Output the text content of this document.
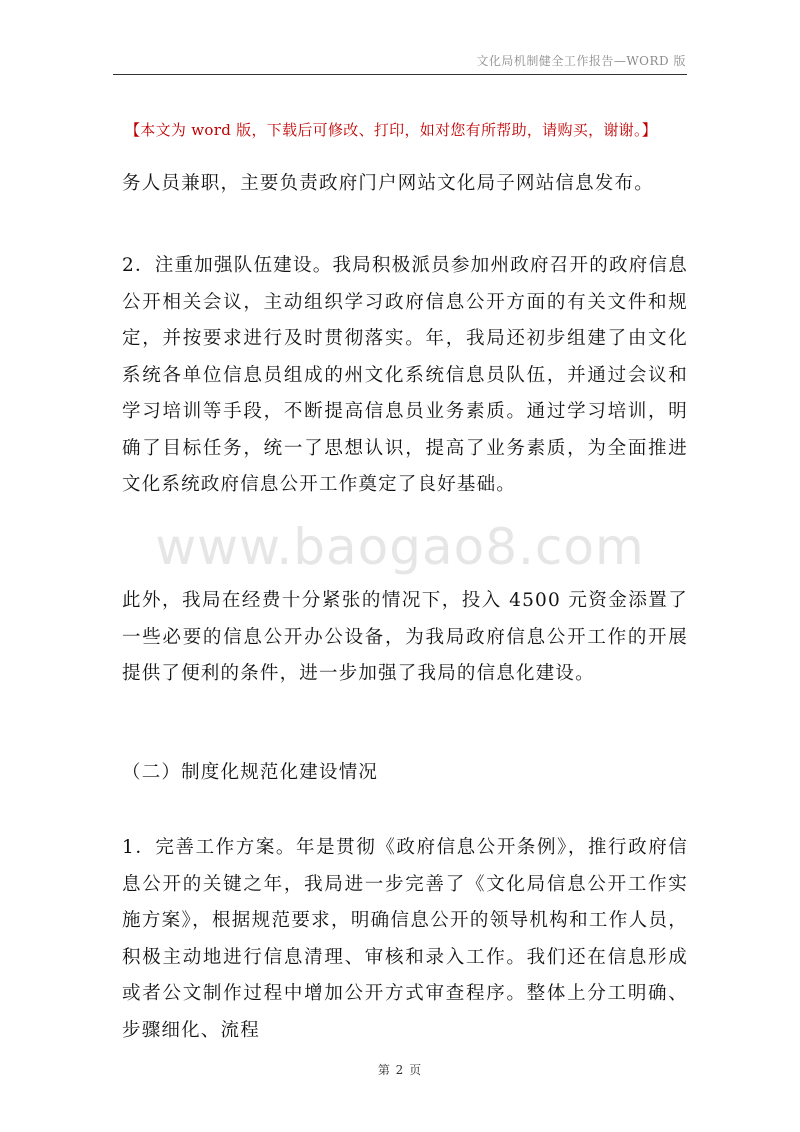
文化局机制健全工作报告—WORD 版
【本文为 word 版，下载后可修改、打印，如对您有所帮助，请购买，谢谢。】

务人员兼职，主要负责政府门户网站文化局子网站信息发布。

2．注重加强队伍建设。我局积极派员参加州政府召开的政府信息公开相关会议，主动组织学习政府信息公开方面的有关文件和规定，并按要求进行及时贯彻落实。年，我局还初步组建了由文化系统各单位信息员组成的州文化系统信息员队伍，并通过会议和学习培训等手段，不断提高信息员业务素质。通过学习培训，明确了目标任务，统一了思想认识，提高了业务素质，为全面推进文化系统政府信息公开工作奠定了良好基础。

www.baogao8.com

此外，我局在经费十分紧张的情况下，投入 4500 元资金添置了一些必要的信息公开办公设备，为我局政府信息公开工作的开展提供了便利的条件，进一步加强了我局的信息化建设。

（二）制度化规范化建设情况

1．完善工作方案。年是贯彻《政府信息公开条例》，推行政府信息公开的关键之年，我局进一步完善了《文化局信息公开工作实施方案》，根据规范要求，明确信息公开的领导机构和工作人员，积极主动地进行信息清理、审核和录入工作。我们还在信息形成或者公文制作过程中增加公开方式审查程序。整体上分工明确、步骤细化、流程

第 2 页
